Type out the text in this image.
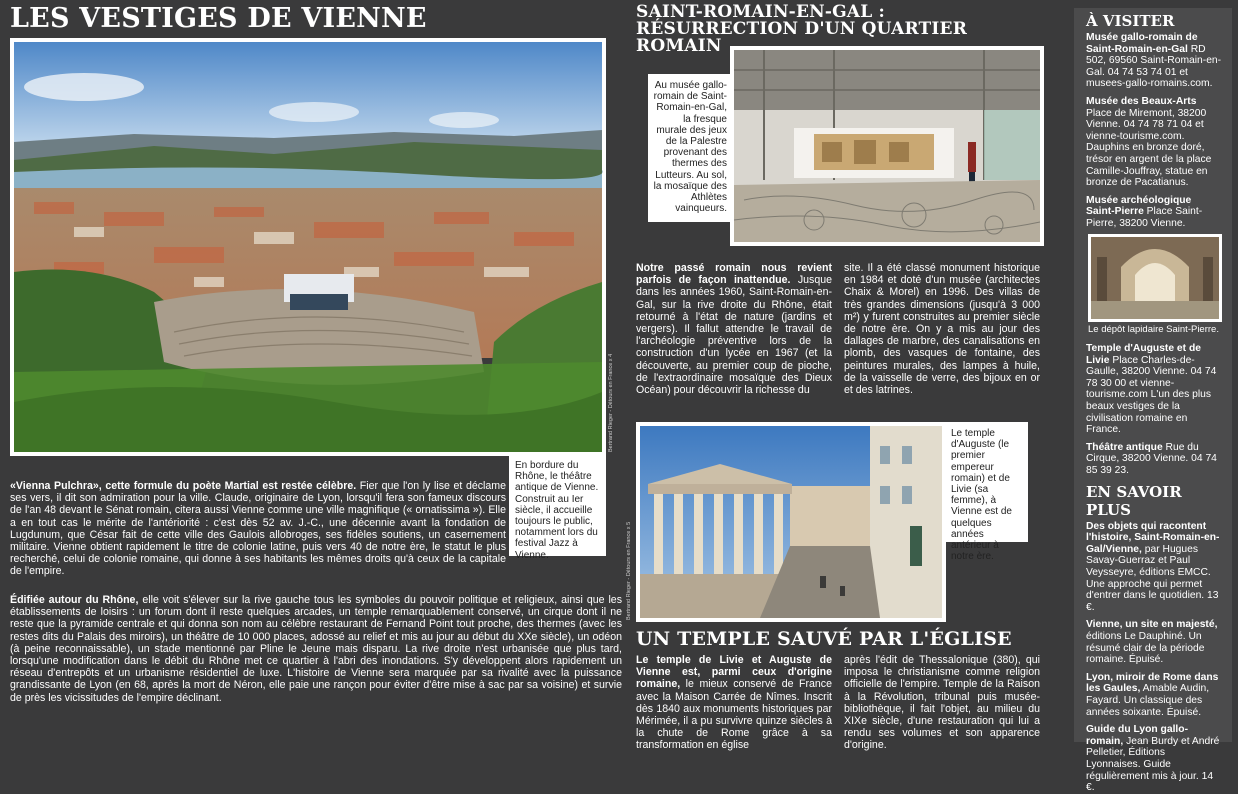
LES VESTIGES DE VIENNE
Bertrand Rieger - Détours en France x 4
En bordure du Rhône, le théâtre antique de Vienne. Construit au Ier siècle, il accueille toujours le public, notamment lors du festival Jazz à Vienne.
«Vienna Pulchra», cette formule du poète Martial est restée célèbre. Fier que l'on ly lise et déclame ses vers, il dit son admiration pour la ville. Claude, originaire de Lyon, lorsqu'il fera son fameux discours de l'an 48 devant le Sénat romain, citera aussi Vienne comme une ville magnifique (« ornatissima »). Elle a en tout cas le mérite de l'antériorité : c'est dès 52 av. J.-C., une décennie avant la fondation de Lugdunum, que César fait de cette ville des Gaulois allobroges, ses fidèles soutiens, un casernement militaire. Vienne obtient rapidement le titre de colonie latine, puis vers 40 de notre ère, le statut le plus recherché, celui de colonie romaine, qui donne à ses habitants les mêmes droits qu'à ceux de la capitale de l'empire.
Édifiée autour du Rhône, elle voit s'élever sur la rive gauche tous les symboles du pouvoir politique et religieux, ainsi que les établissements de loisirs : un forum dont il reste quelques arcades, un temple remarquablement conservé, un cirque dont il ne reste que la pyramide centrale et qui donna son nom au célèbre restaurant de Fernand Point tout proche, des thermes (avec les restes dits du Palais des miroirs), un théâtre de 10 000 places, adossé au relief et mis au jour au début du XXe siècle), un odéon (à peine reconnaissable), un stade mentionné par Pline le Jeune mais disparu. La rive droite n'est urbanisée que plus tard, lorsqu'une modification dans le débit du Rhône met ce quartier à l'abri des inondations. S'y développent alors rapidement un réseau d'entrepôts et un urbanisme résidentiel de luxe. L'histoire de Vienne sera marquée par sa rivalité avec la puissance grandissante de Lyon (en 68, après la mort de Néron, elle paie une rançon pour éviter d'être mise à sac par sa voisine) et survie de près les vicissitudes de l'empire déclinant.
SAINT-ROMAIN-EN-GAL :
RÉSURRECTION D'UN QUARTIER
ROMAIN
Au musée gallo-romain de Saint-Romain-en-Gal, la fresque murale des jeux de la Palestre provenant des thermes des Lutteurs. Au sol, la mosaïque des Athlètes vainqueurs.
Notre passé romain nous revient parfois de façon inattendue. Jusque dans les années 1960, Saint-Romain-en-Gal, sur la rive droite du Rhône, était retourné à l'état de nature (jardins et vergers). Il fallut attendre le travail de l'archéologie préventive lors de la construction d'un lycée en 1967 (et la découverte, au premier coup de pioche, de l'extraordinaire mosaïque des Dieux Océan) pour découvrir la richesse du
site. Il a été classé monument historique en 1984 et doté d'un musée (architectes Chaix & Morel) en 1996. Des villas de très grandes dimensions (jusqu'à 3 000 m²) y furent construites au premier siècle de notre ère. On y a mis au jour des dallages de marbre, des canalisations en plomb, des vasques de fontaine, des peintures murales, des lampes à huile, de la vaisselle de verre, des bijoux en or et des latrines.
Bertrand Rieger - Détours en France x 5
Le temple d'Auguste (le premier empereur romain) et de Livie (sa femme), à Vienne est de quelques années antérieur à notre ère.
UN TEMPLE SAUVÉ PAR L'ÉGLISE
Le temple de Livie et Auguste de Vienne est, parmi ceux d'origine romaine, le mieux conservé de France avec la Maison Carrée de Nîmes. Inscrit dès 1840 aux monuments historiques par Mérimée, il a pu survivre quinze siècles à la chute de Rome grâce à sa transformation en église
après l'édit de Thessalonique (380), qui imposa le christianisme comme religion officielle de l'empire. Temple de la Raison à la Révolution, tribunal puis musée-bibliothèque, il fait l'objet, au milieu du XIXe siècle, d'une restauration qui lui a rendu ses volumes et son apparence d'origine.
À VISITER
Musée gallo-romain de Saint-Romain-en-Gal RD 502, 69560 Saint-Romain-en-Gal. 04 74 53 74 01 et musees-gallo-romains.com.
Musée des Beaux-Arts Place de Miremont, 38200 Vienne. 04 74 78 71 04 et vienne-tourisme.com. Dauphins en bronze doré, trésor en argent de la place Camille-Jouffray, statue en bronze de Pacatianus.
Musée archéologique Saint-Pierre Place Saint-Pierre, 38200 Vienne.
Le dépôt lapidaire Saint-Pierre.
Temple d'Auguste et de Livie Place Charles-de-Gaulle, 38200 Vienne. 04 74 78 30 00 et vienne-tourisme.com L'un des plus beaux vestiges de la civilisation romaine en France.
Théâtre antique Rue du Cirque, 38200 Vienne. 04 74 85 39 23.
EN SAVOIR PLUS
Des objets qui racontent l'histoire, Saint-Romain-en-Gal/Vienne, par Hugues Savay-Guerraz et Paul Veysseyre, éditions EMCC. Une approche qui permet d'entrer dans le quotidien. 13 €.
Vienne, un site en majesté, éditions Le Dauphiné. Un résumé clair de la période romaine. Épuisé.
Lyon, miroir de Rome dans les Gaules, Amable Audin, Fayard. Un classique des années soixante. Épuisé.
Guide du Lyon gallo-romain, Jean Burdy et André Pelletier, Éditions Lyonnaises. Guide régulièrement mis à jour. 14 €.
